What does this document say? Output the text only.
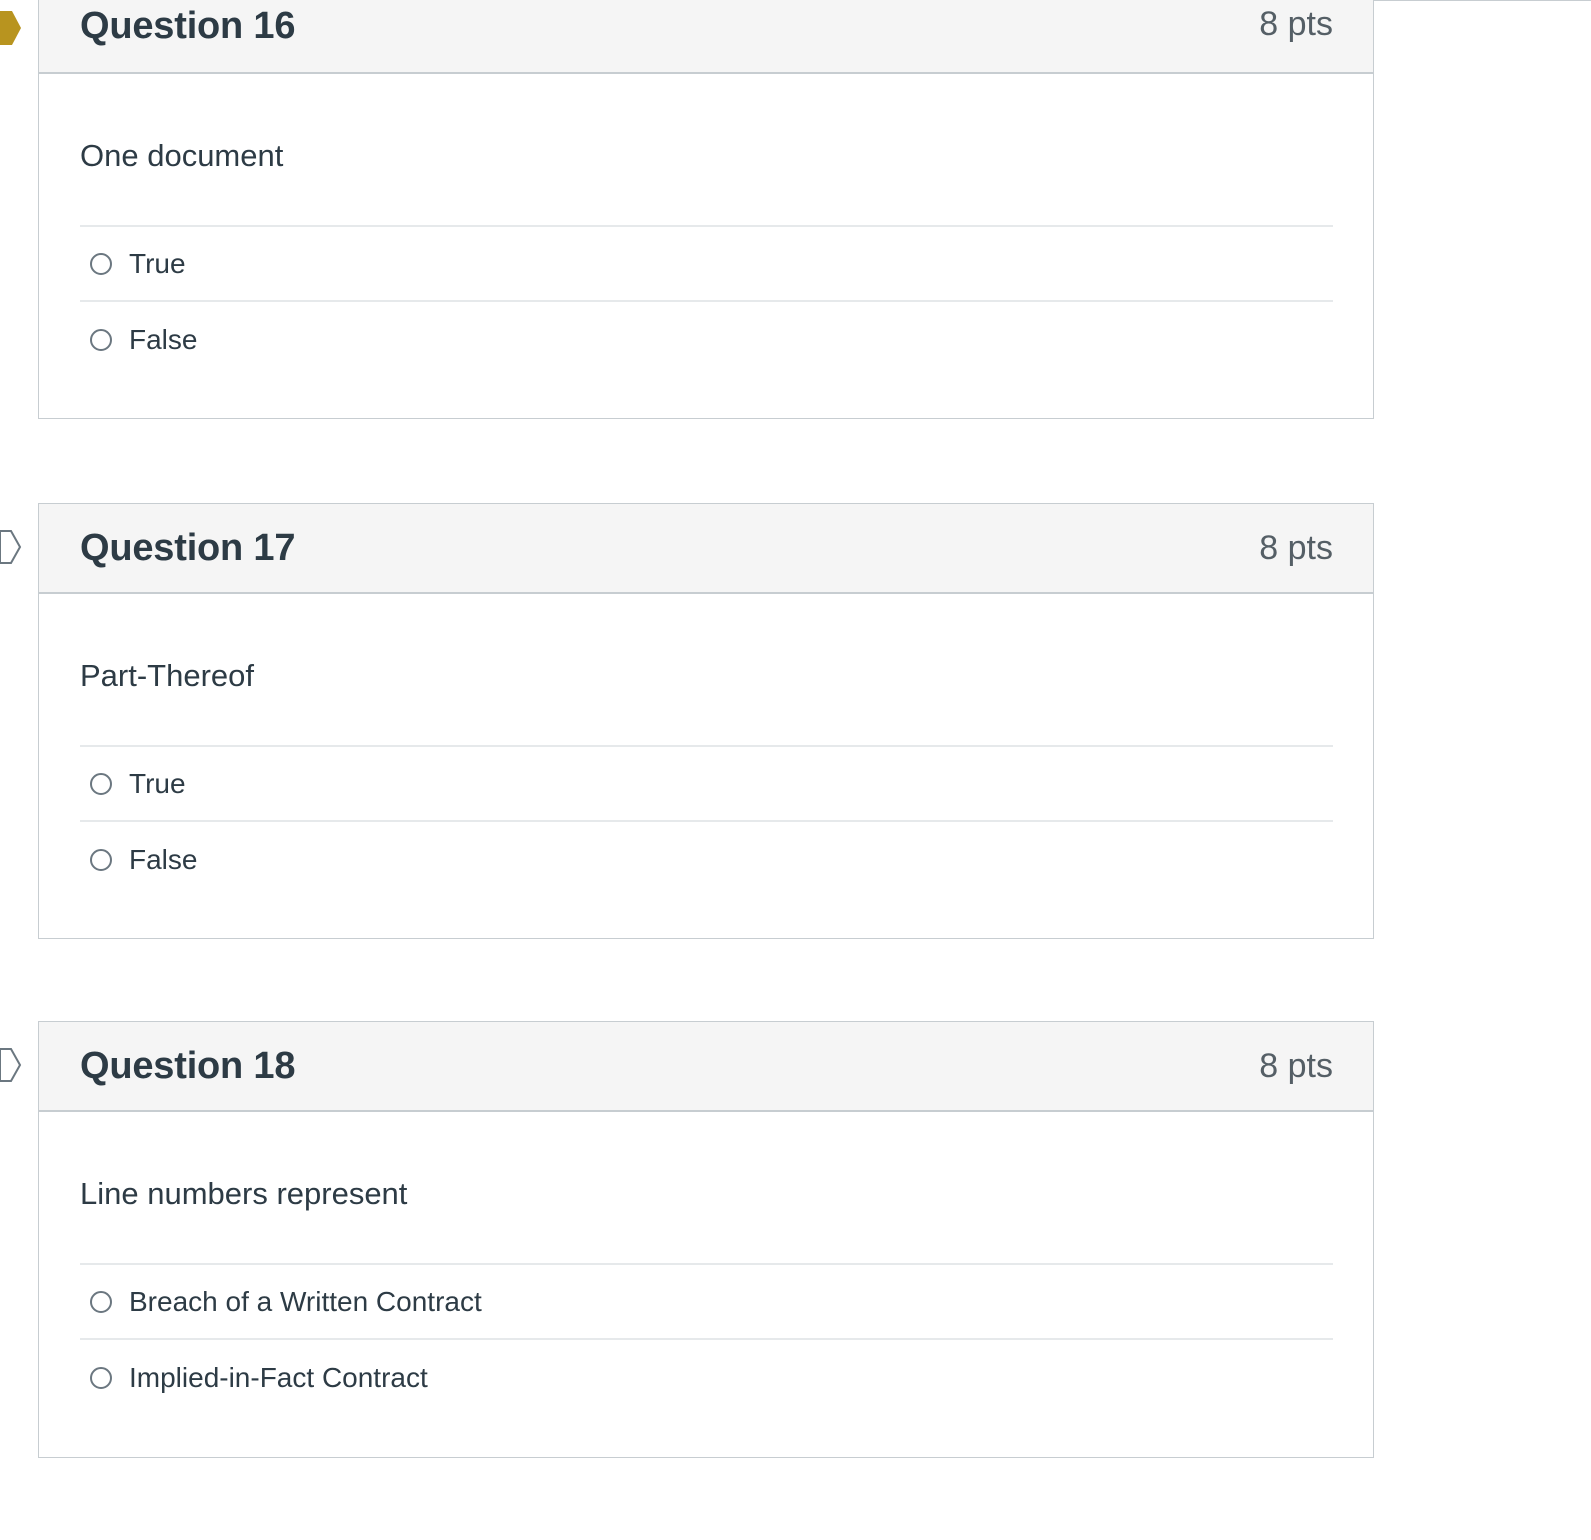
Question 16	8 pts
One document
True
False
Question 17	8 pts
Part-Thereof
True
False
Question 18	8 pts
Line numbers represent
Breach of a Written Contract
Implied-in-Fact Contract
